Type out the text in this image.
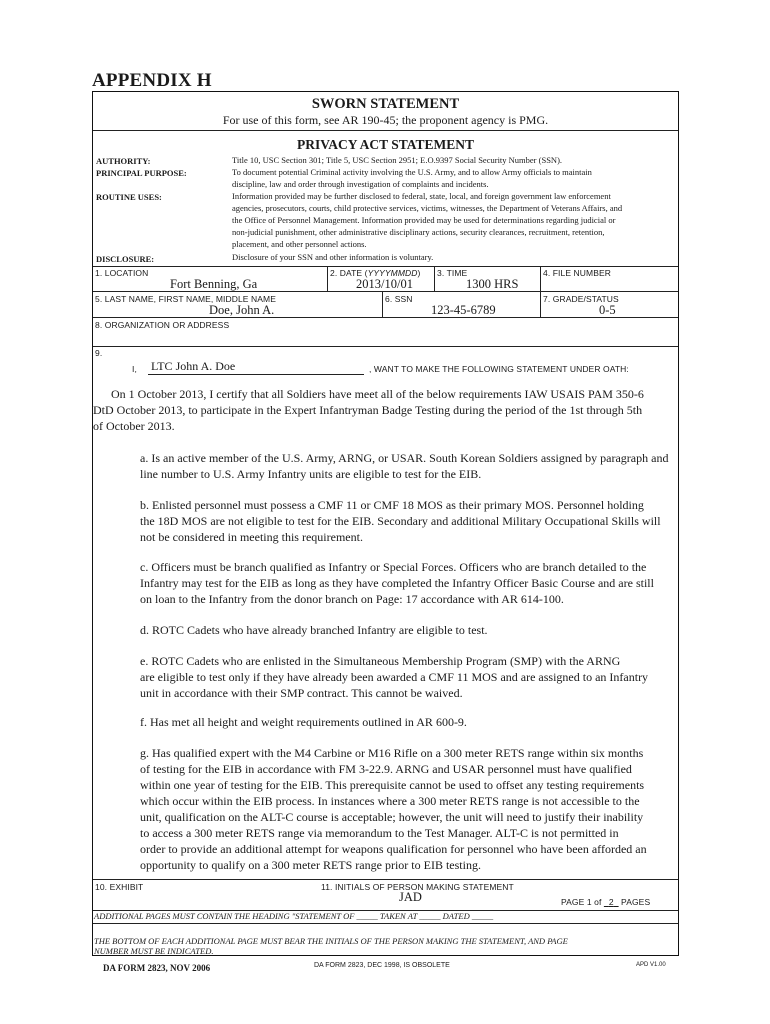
APPENDIX H
SWORN STATEMENT
For use of this form, see AR 190-45; the proponent agency is PMG.
PRIVACY ACT STATEMENT
AUTHORITY:	Title 10, USC Section 301; Title 5, USC Section 2951; E.O.9397 Social Security Number (SSN).
PRINCIPAL PURPOSE:	To document potential Criminal activity involving the U.S. Army, and to allow Army officials to maintain
discipline, law and order through investigation of complaints and incidents.
ROUTINE USES:	Information provided may be further disclosed to federal, state, local, and foreign government law enforcement
agencies, prosecutors, courts, child protective services, victims, witnesses, the Department of Veterans Affairs, and
the Office of Personnel Management. Information provided may be used for determinations regarding judicial or
non-judicial punishment, other administrative disciplinary actions, security clearances, recruitment, retention,
placement, and other personnel actions.
DISCLOSURE:	Disclosure of your SSN and other information is voluntary.
1. LOCATION
Fort Benning, Ga
2. DATE (YYYYMMDD)
2013/10/01
3. TIME
1300 HRS
4. FILE NUMBER
5. LAST NAME, FIRST NAME, MIDDLE NAME
Doe, John A.
6. SSN
123-45-6789
7. GRADE/STATUS
0-5
8. ORGANIZATION OR ADDRESS
9.
I, LTC John A. Doe	, WANT TO MAKE THE FOLLOWING STATEMENT UNDER OATH:
On 1 October 2013, I certify that all Soldiers have meet all of the below requirements IAW USAIS PAM 350-6
DtD October 2013, to participate in the Expert Infantryman Badge Testing during the period of the 1st through 5th
of October 2013.
a. Is an active member of the U.S. Army, ARNG, or USAR. South Korean Soldiers assigned by paragraph and
line number to U.S. Army Infantry units are eligible to test for the EIB.
b. Enlisted personnel must possess a CMF 11 or CMF 18 MOS as their primary MOS. Personnel holding
the 18D MOS are not eligible to test for the EIB. Secondary and additional Military Occupational Skills will
not be considered in meeting this requirement.
c. Officers must be branch qualified as Infantry or Special Forces. Officers who are branch detailed to the
Infantry may test for the EIB as long as they have completed the Infantry Officer Basic Course and are still
on loan to the Infantry from the donor branch on Page: 17 accordance with AR 614-100.
d. ROTC Cadets who have already branched Infantry are eligible to test.
e. ROTC Cadets who are enlisted in the Simultaneous Membership Program (SMP) with the ARNG
are eligible to test only if they have already been awarded a CMF 11 MOS and are assigned to an Infantry
unit in accordance with their SMP contract. This cannot be waived.
f. Has met all height and weight requirements outlined in AR 600-9.
g. Has qualified expert with the M4 Carbine or M16 Rifle on a 300 meter RETS range within six months
of testing for the EIB in accordance with FM 3-22.9. ARNG and USAR personnel must have qualified
within one year of testing for the EIB. This prerequisite cannot be used to offset any testing requirements
which occur within the EIB process. In instances where a 300 meter RETS range is not accessible to the
unit, qualification on the ALT-C course is acceptable; however, the unit will need to justify their inability
to access a 300 meter RETS range via memorandum to the Test Manager. ALT-C is not permitted in
order to provide an additional attempt for weapons qualification for personnel who have been afforded an
opportunity to qualify on a 300 meter RETS range prior to EIB testing.
10. EXHIBIT	11. INITIALS OF PERSON MAKING STATEMENT
JAD	PAGE 1 of   2   PAGES
ADDITIONAL PAGES MUST CONTAIN THE HEADING "STATEMENT OF _____ TAKEN AT _____ DATED _____
THE BOTTOM OF EACH ADDITIONAL PAGE MUST BEAR THE INITIALS OF THE PERSON MAKING THE STATEMENT, AND PAGE
NUMBER MUST BE INDICATED.
DA FORM 2823, NOV 2006	DA FORM 2823, DEC 1998, IS OBSOLETE	APD V1.00
